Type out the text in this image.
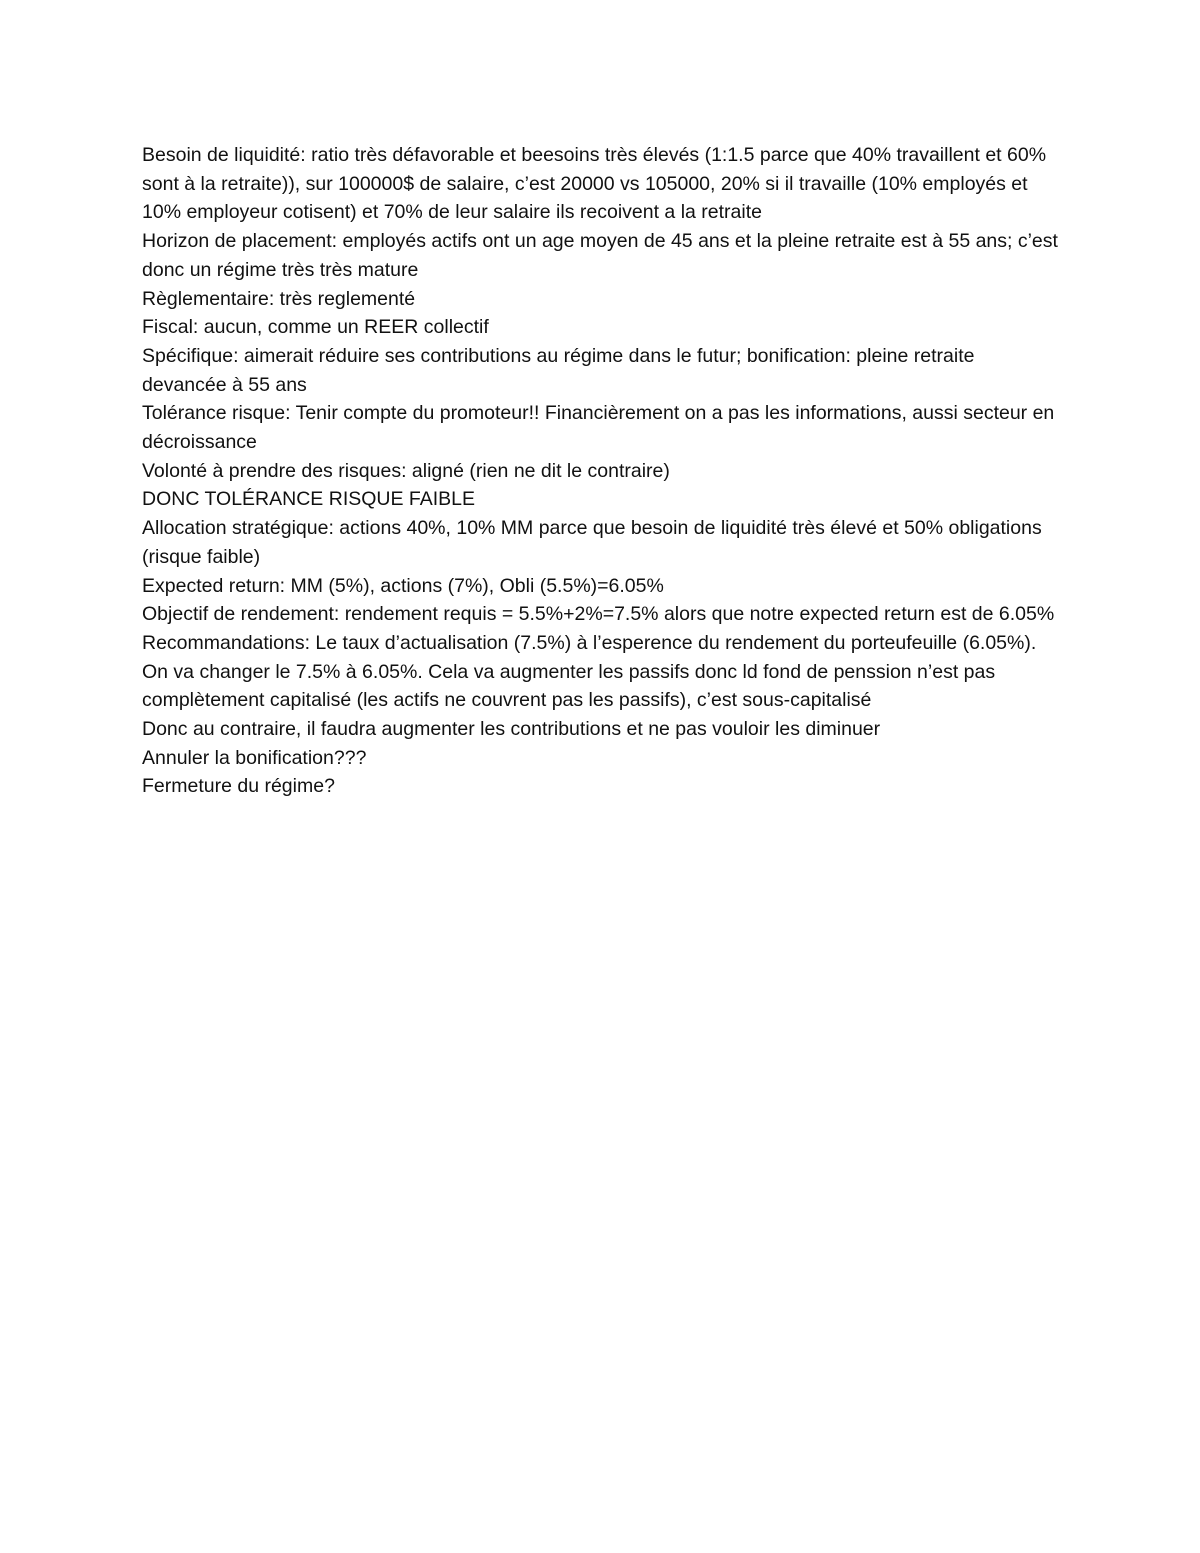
Besoin de liquidité: ratio très défavorable et beesoins très élevés (1:1.5 parce que 40% travaillent et 60% sont à la retraite)), sur 100000$ de salaire, c’est 20000 vs 105000, 20% si il travaille (10% employés et 10% employeur cotisent) et 70% de leur salaire ils recoivent a la retraite

Horizon de placement: employés actifs ont un age moyen de 45 ans et la pleine retraite est à 55 ans; c’est donc un régime très très mature

Règlementaire: très reglementé

Fiscal: aucun, comme un REER collectif

Spécifique: aimerait réduire ses contributions au régime dans le futur; bonification: pleine retraite devancée à 55 ans

Tolérance risque: Tenir compte du promoteur!! Financièrement on a pas les informations, aussi secteur en décroissance

Volonté à prendre des risques: aligné (rien ne dit le contraire)

DONC TOLÉRANCE RISQUE FAIBLE

Allocation stratégique: actions 40%, 10% MM parce que besoin de liquidité très élevé et 50% obligations (risque faible)

Expected return: MM (5%), actions (7%), Obli (5.5%)=6.05%

Objectif de rendement: rendement requis = 5.5%+2%=7.5% alors que notre expected return est de 6.05%

Recommandations: Le taux d’actualisation (7.5%) à l’esperence du rendement du porteufeuille (6.05%). On va changer le 7.5% à 6.05%. Cela va augmenter les passifs donc ld fond de penssion n’est pas complètement capitalisé (les actifs ne couvrent pas les passifs), c’est sous-capitalisé

Donc au contraire, il faudra augmenter les contributions et ne pas vouloir les diminuer

Annuler la bonification???

Fermeture du régime?
